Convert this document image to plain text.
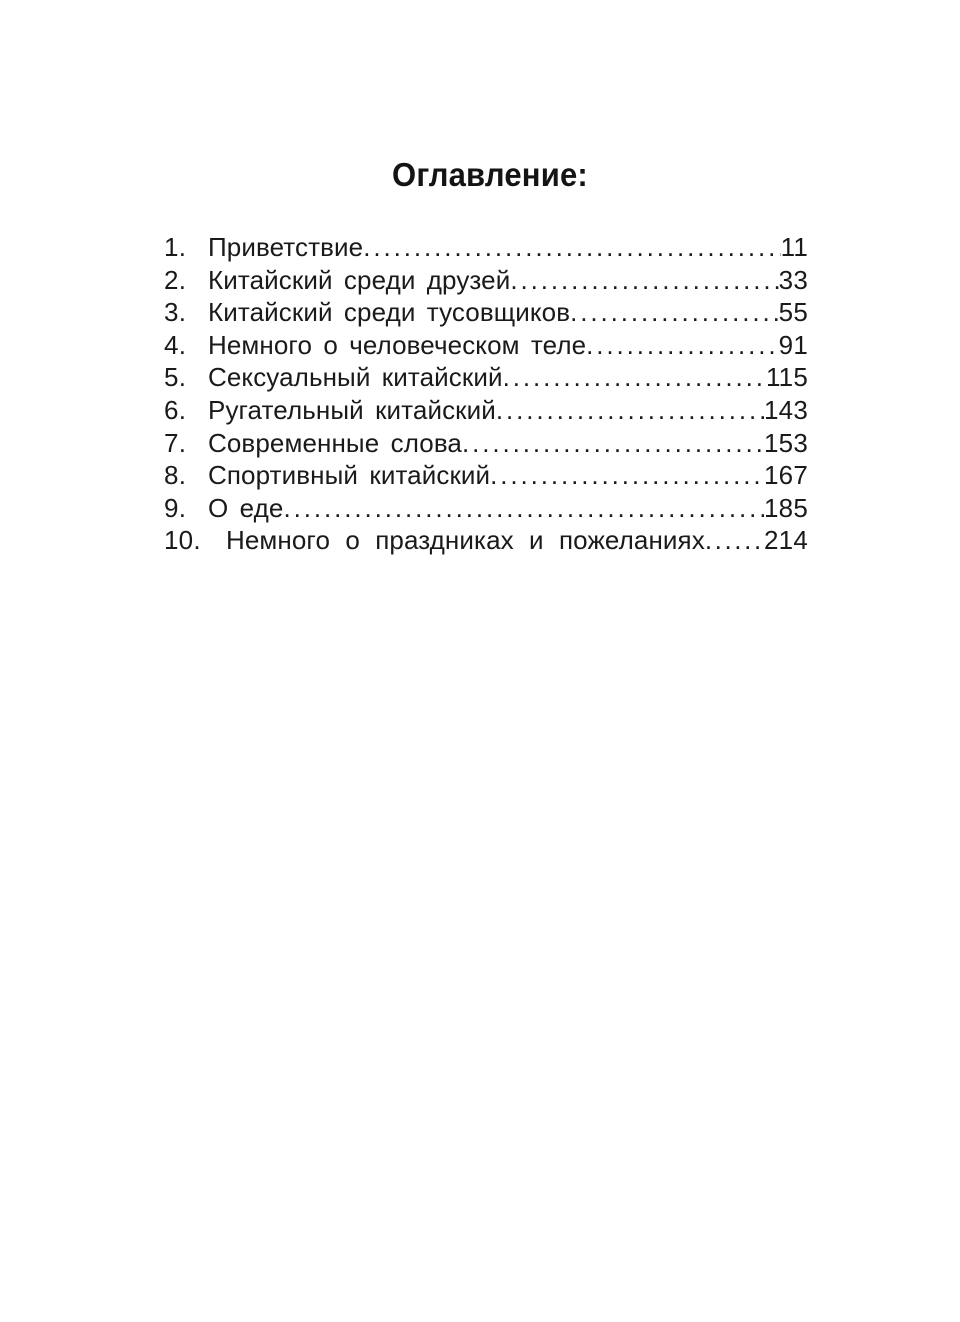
Оглавление:
1. Приветствие .....	11
2. Китайский среди друзей .....	33
3. Китайский среди тусовщиков .....	55
4. Немного о человеческом теле .....	91
5. Сексуальный китайский .....	115
6. Ругательный китайский .....	143
7. Современные слова .....	153
8. Спортивный китайский .....	167
9. О еде .....	185
10. Немного о праздниках и пожеланиях ..... 214
